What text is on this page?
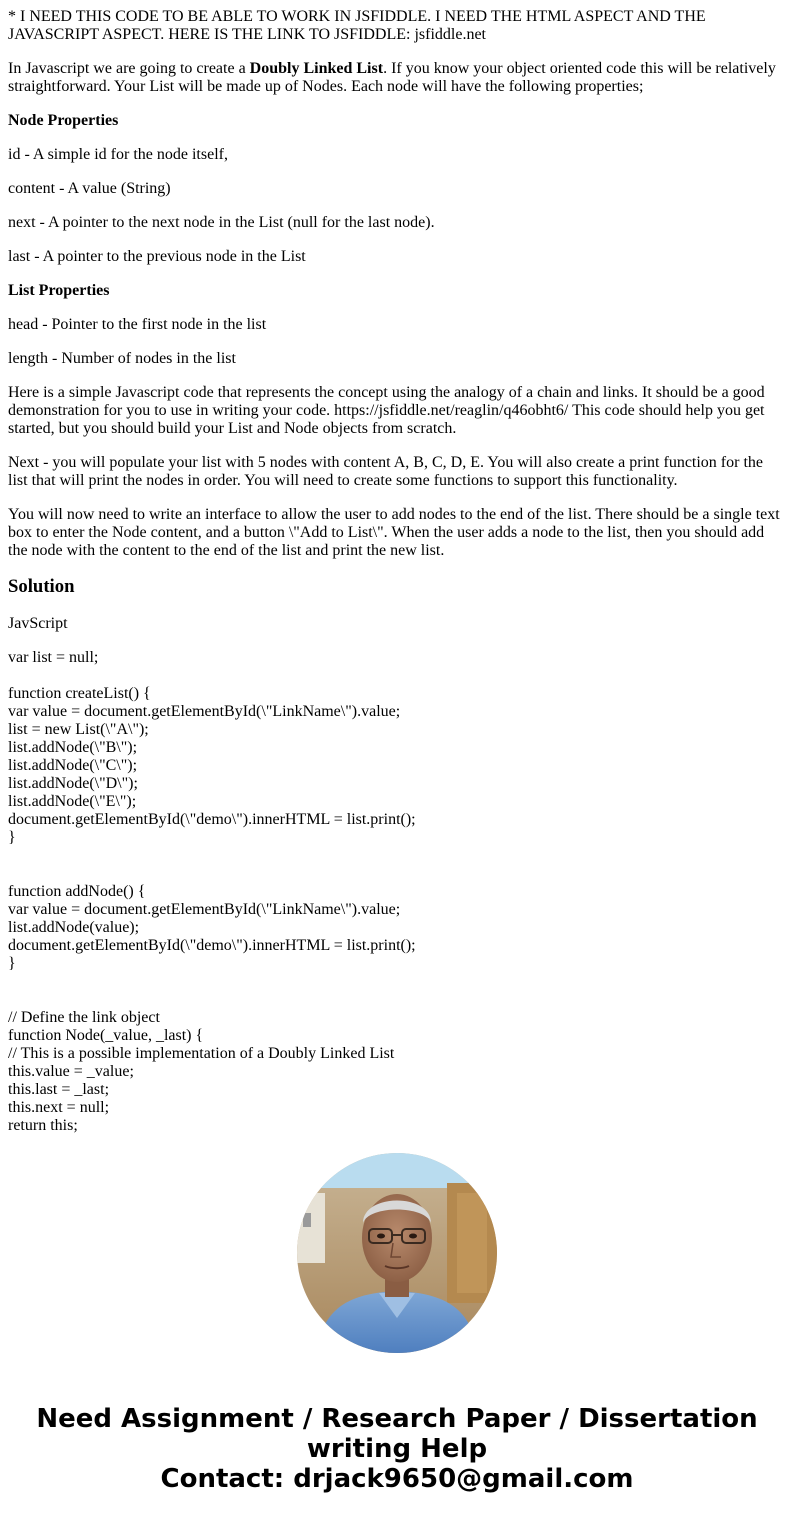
* I NEED THIS CODE TO BE ABLE TO WORK IN JSFIDDLE. I NEED THE HTML ASPECT AND THE JAVASCRIPT ASPECT. HERE IS THE LINK TO JSFIDDLE: jsfiddle.net

In Javascript we are going to create a Doubly Linked List. If you know your object oriented code this will be relatively straightforward. Your List will be made up of Nodes. Each node will have the following properties;

Node Properties

id - A simple id for the node itself,

content - A value (String)

next - A pointer to the next node in the List (null for the last node).

last - A pointer to the previous node in the List

List Properties

head - Pointer to the first node in the list

length - Number of nodes in the list

Here is a simple Javascript code that represents the concept using the analogy of a chain and links. It should be a good demonstration for you to use in writing your code. https://jsfiddle.net/reaglin/q46obht6/ This code should help you get started, but you should build your List and Node objects from scratch.

Next - you will populate your list with 5 nodes with content A, B, C, D, E. You will also create a print function for the list that will print the nodes in order. You will need to create some functions to support this functionality.

You will now need to write an interface to allow the user to add nodes to the end of the list. There should be a single text box to enter the Node content, and a button \"Add to List\". When the user adds a node to the list, then you should add the node with the content to the end of the list and print the new list.

Solution

JavScript

var list = null;
function createList() {
var value = document.getElementById(\"LinkName\").value;
list = new List(\"A\");
list.addNode(\"B\");
list.addNode(\"C\");
list.addNode(\"D\");
list.addNode(\"E\");
document.getElementById(\"demo\").innerHTML = list.print();
}
function addNode() {
var value = document.getElementById(\"LinkName\").value;
list.addNode(value);
document.getElementById(\"demo\").innerHTML = list.print();
}
// Define the link object
function Node(_value, _last) {
// This is a possible implementation of a Doubly Linked List
this.value = _value;
this.last = _last;
this.next = null;
return this;
Need Assignment / Research Paper / Dissertation
writing Help
Contact: drjack9650@gmail.com
